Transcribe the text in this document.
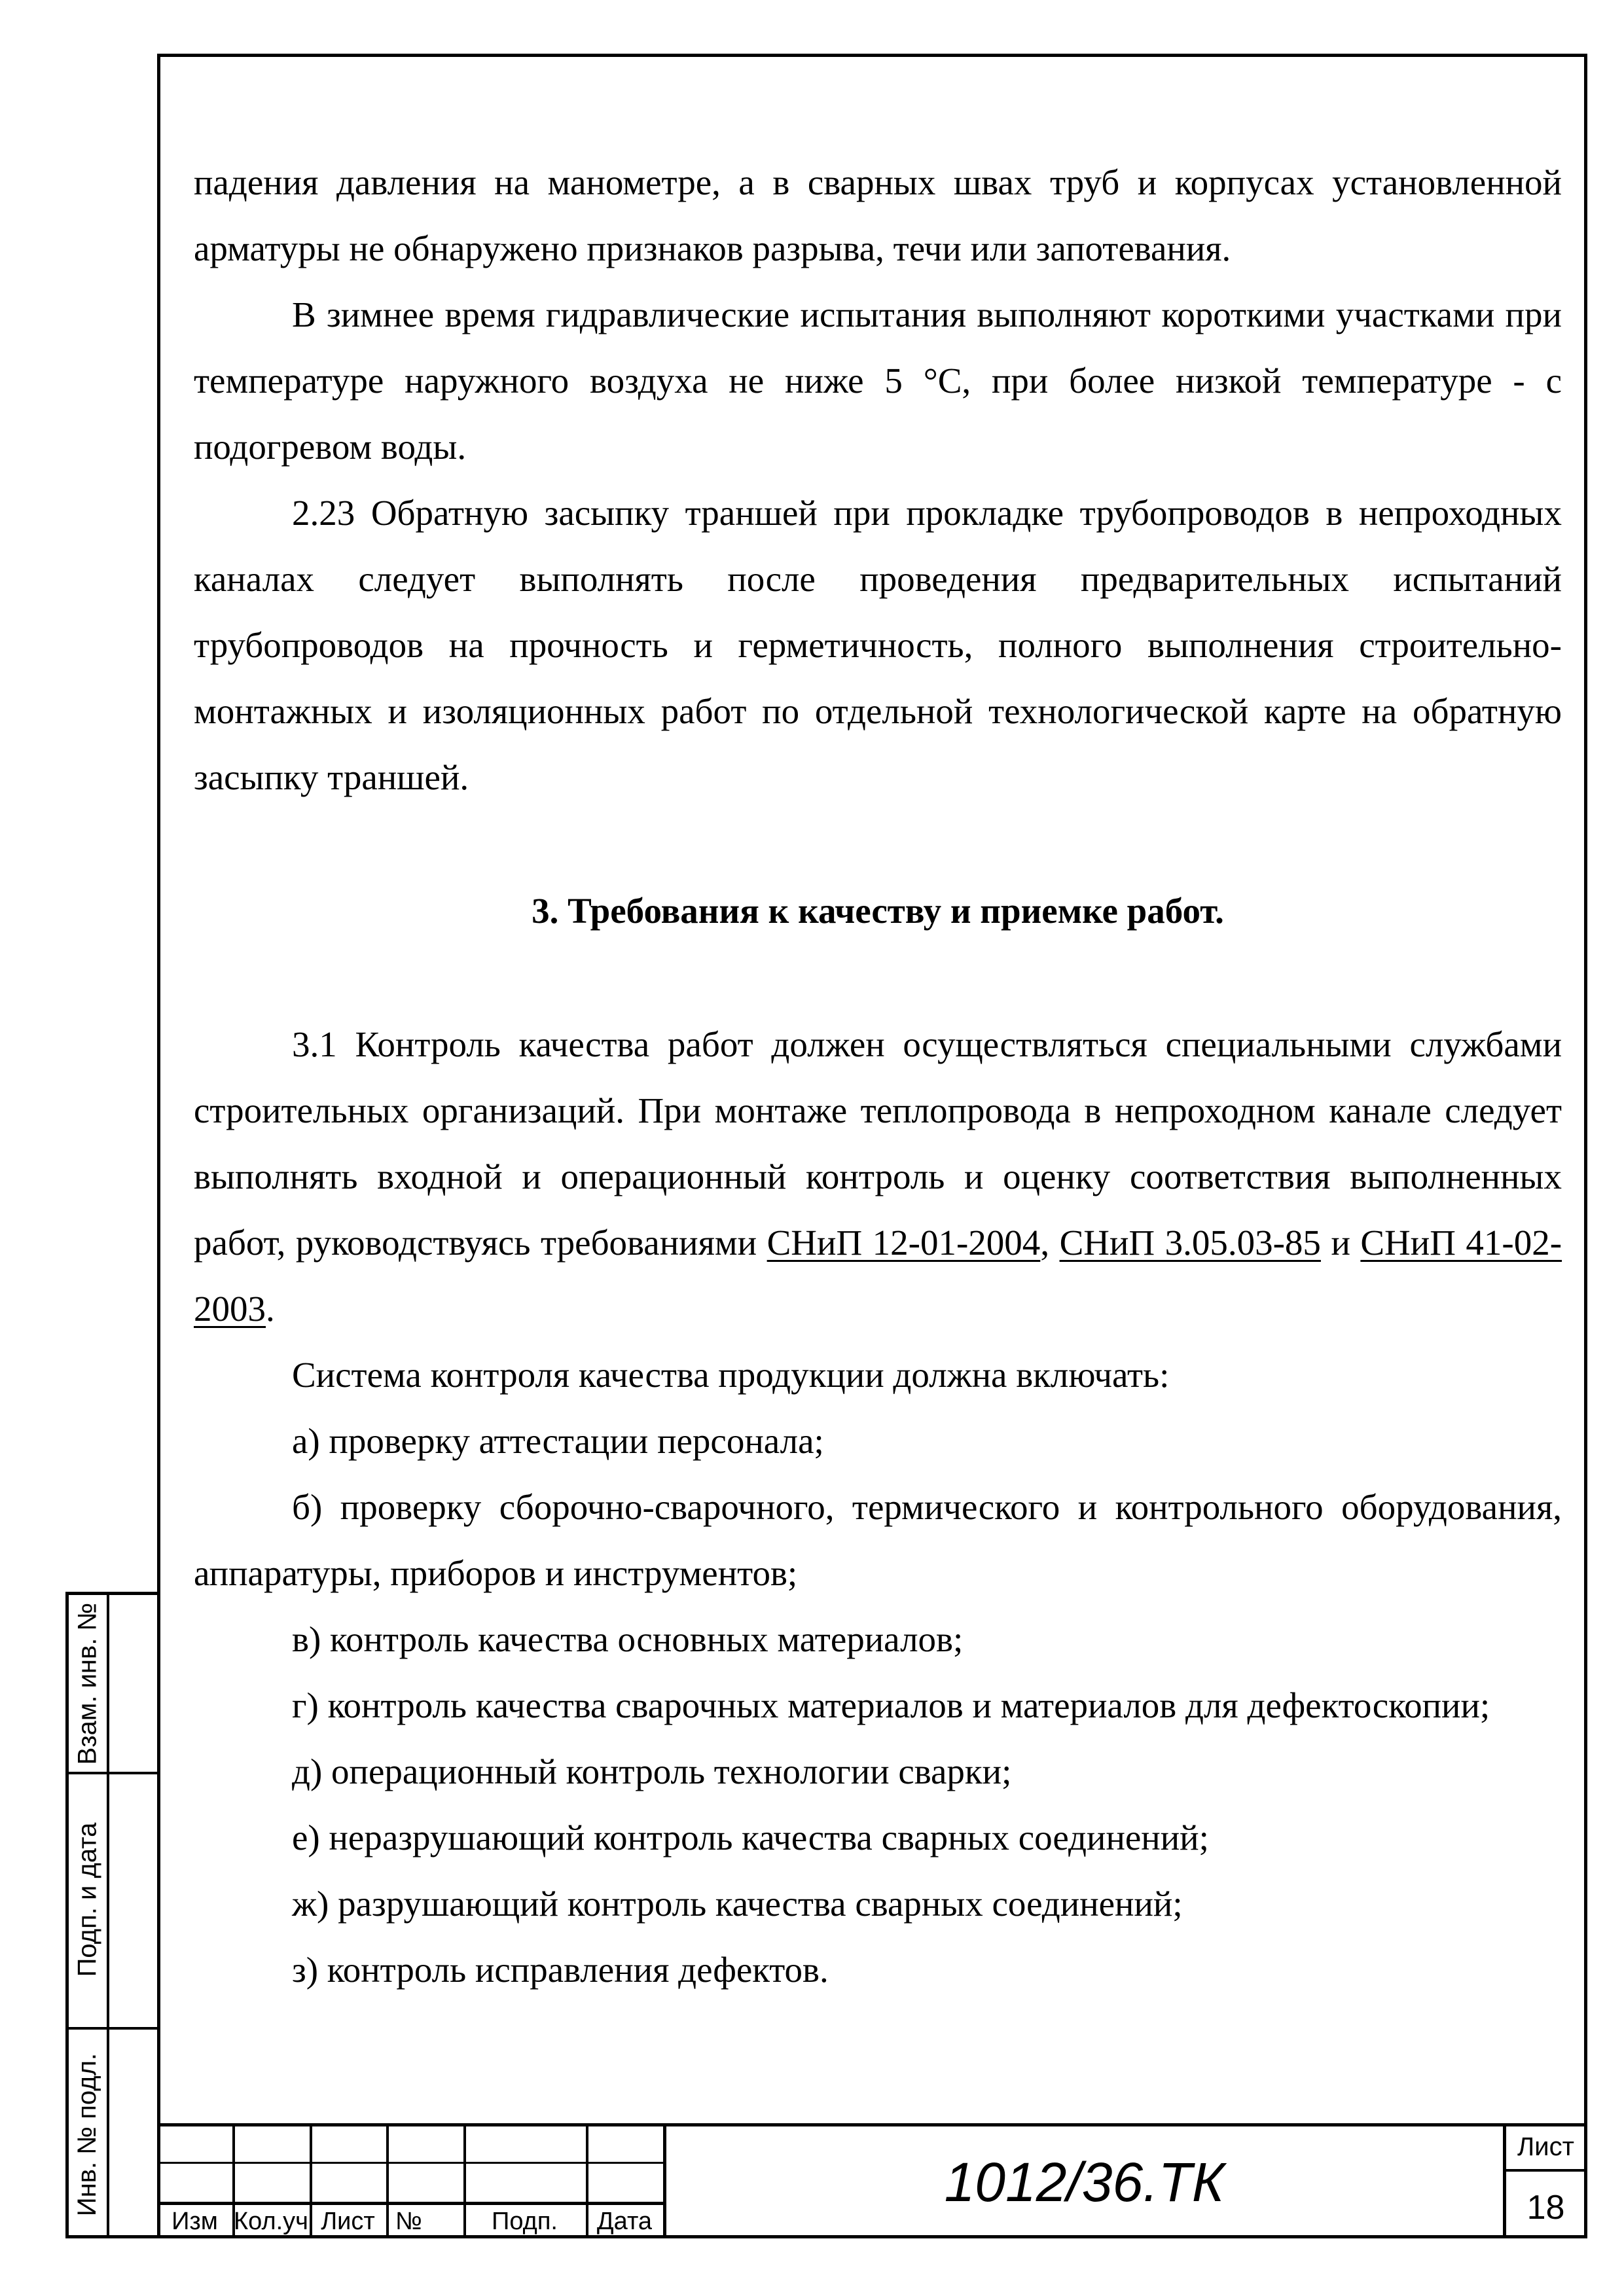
падения давления на манометре, а в сварных швах труб и корпусах установленной арматуры не обнаружено признаков разрыва, течи или запотевания.

В зимнее время гидравлические испытания выполняют короткими участками при температуре наружного воздуха не ниже 5 °С, при более низкой температуре - с подогревом воды.

2.23 Обратную засыпку траншей при прокладке трубопроводов в непроходных каналах следует выполнять после проведения предварительных испытаний трубопроводов на прочность и герметичность, полного выполнения строительно-монтажных и изоляционных работ по отдельной технологической карте на обратную засыпку траншей.

3. Требования к качеству и приемке работ.

3.1 Контроль качества работ должен осуществляться специальными службами строительных организаций. При монтаже теплопровода в непроходном канале следует выполнять входной и операционный контроль и оценку соответствия выполненных работ, руководствуясь требованиями СНиП 12-01-2004, СНиП 3.05.03-85 и СНиП 41-02-2003.

Система контроля качества продукции должна включать:

а) проверку аттестации персонала;

б) проверку сборочно-сварочного, термического и контрольного оборудования, аппаратуры, приборов и инструментов;

в) контроль качества основных материалов;

г) контроль качества сварочных материалов и материалов для дефектоскопии;

д) операционный контроль технологии сварки;

е) неразрушающий контроль качества сварных соединений;

ж) разрушающий контроль качества сварных соединений;

з) контроль исправления дефектов.

Взам. инв. №
Подп. и дата
Инв. № подл.
Изм Кол.уч Лист №	Подп.	Дата
1012/36.ТК
Лист
18
